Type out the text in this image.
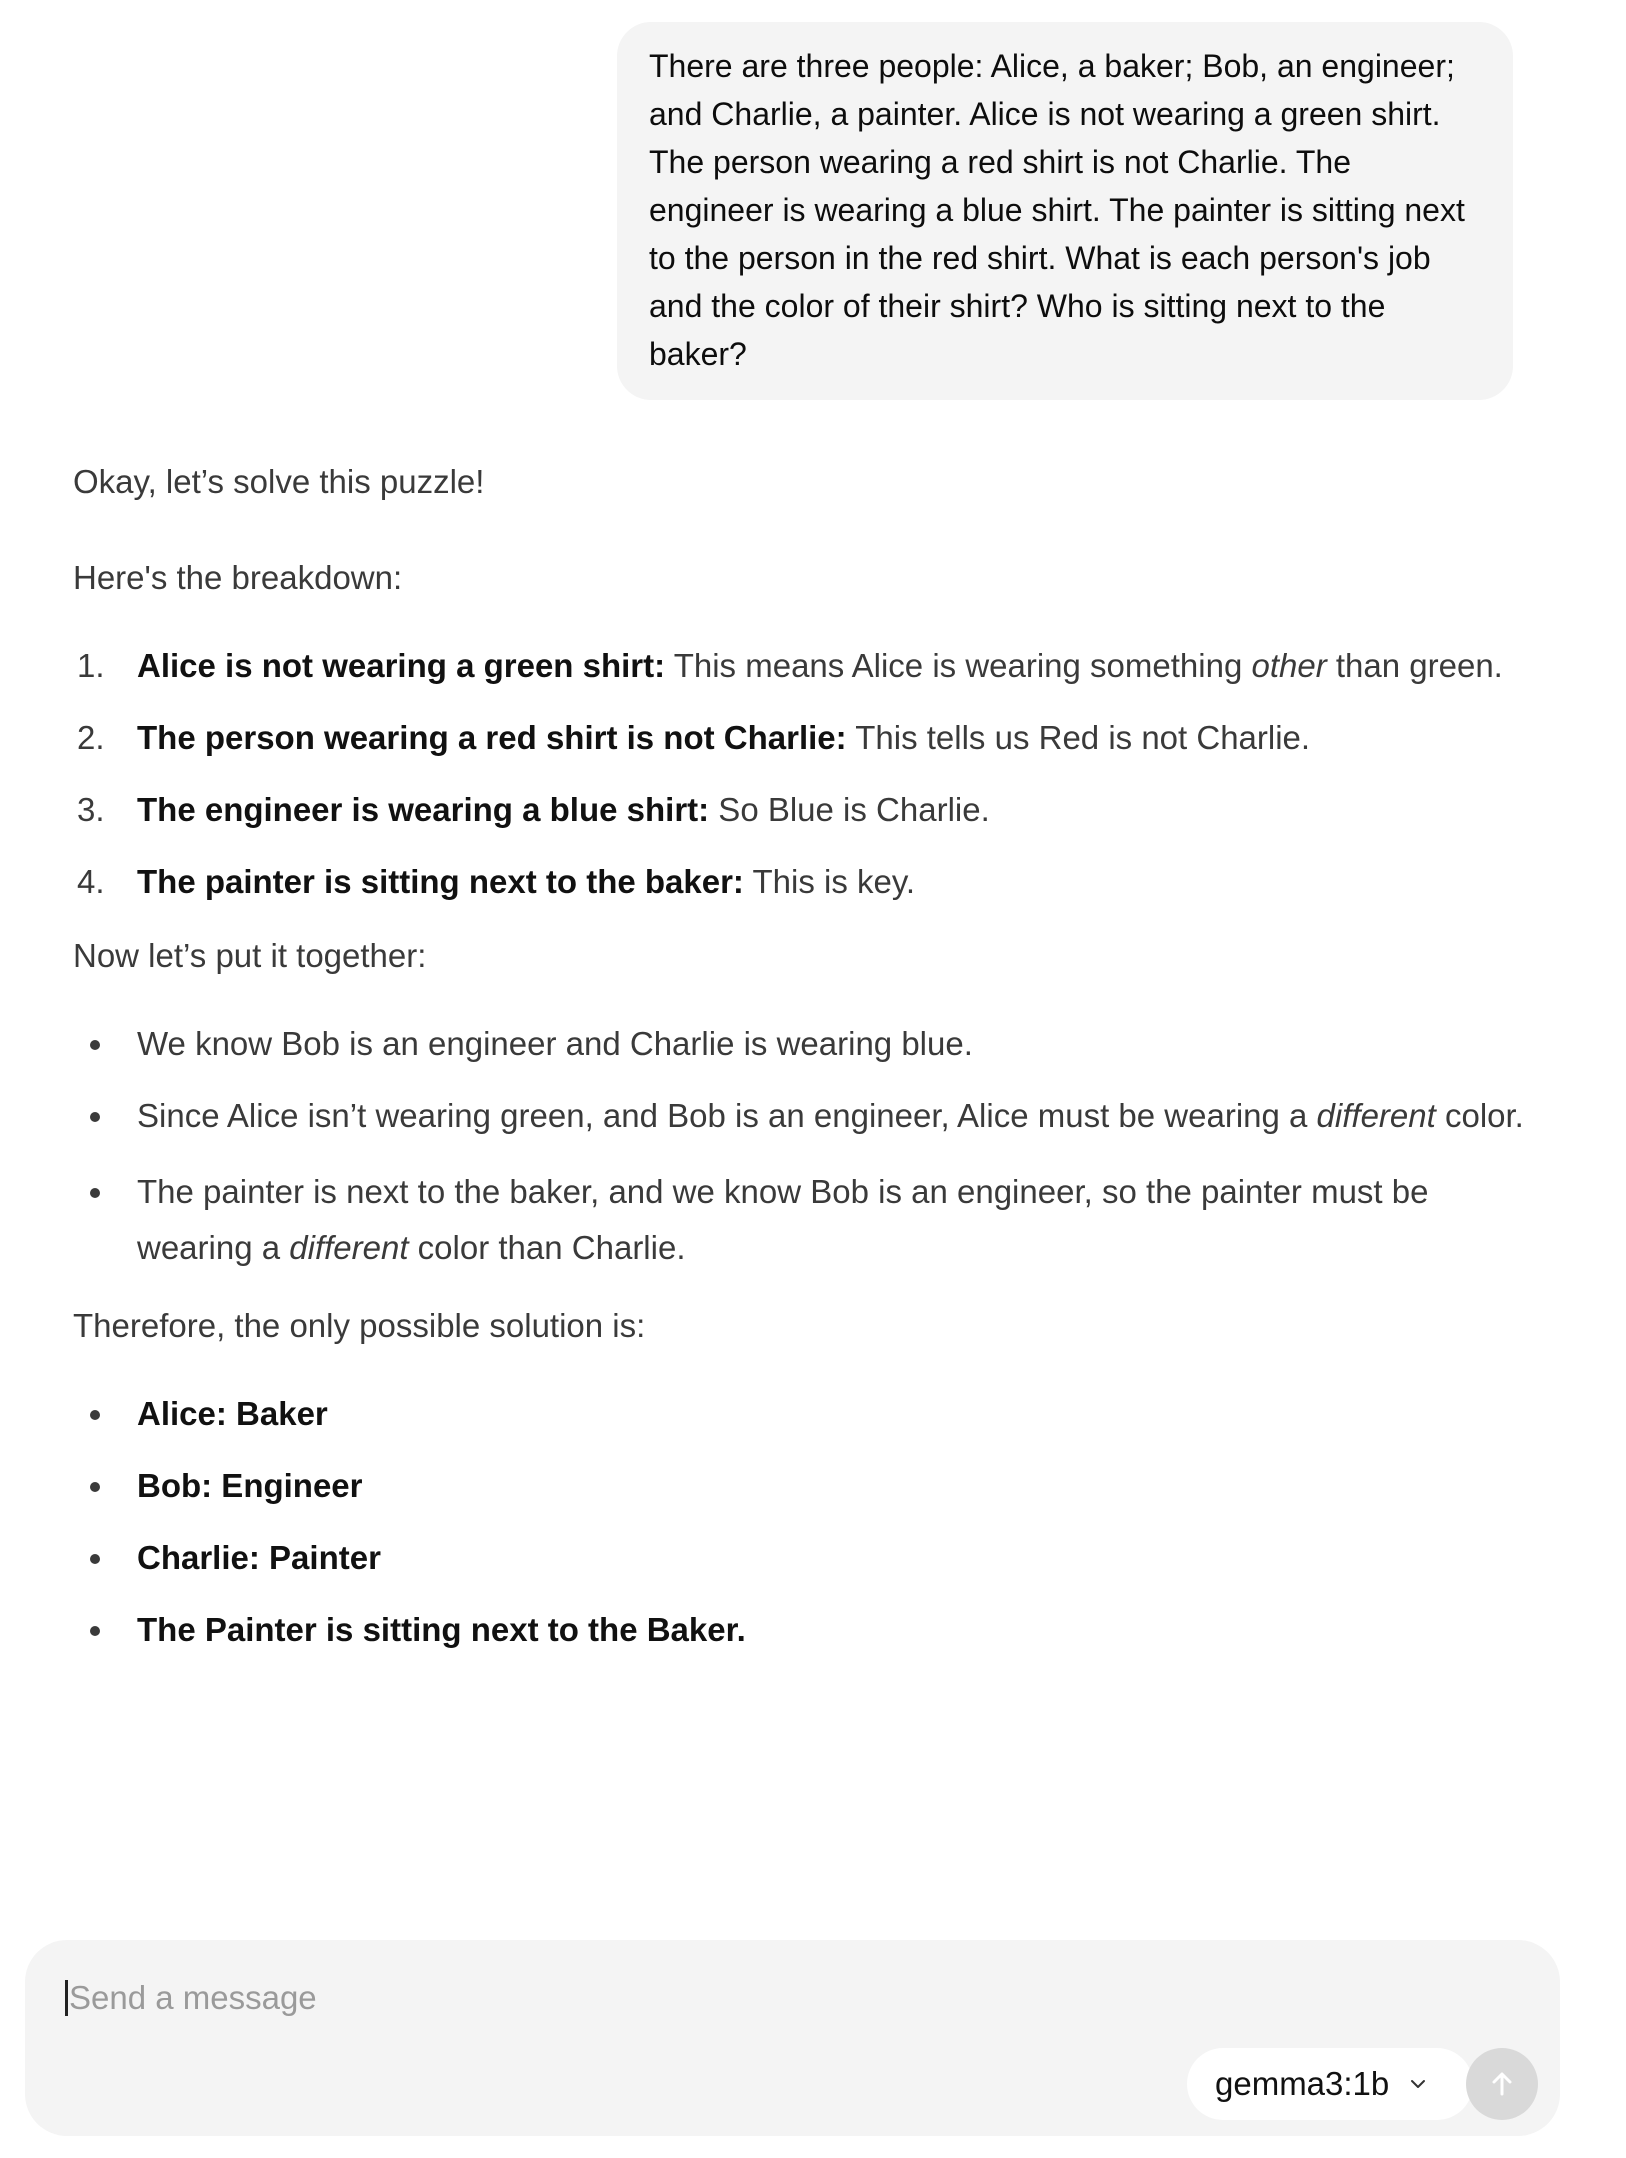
There are three people: Alice, a baker; Bob, an engineer; and Charlie, a painter. Alice is not wearing a green shirt. The person wearing a red shirt is not Charlie. The engineer is wearing a blue shirt. The painter is sitting next to the person in the red shirt. What is each person's job and the color of their shirt? Who is sitting next to the baker?

Okay, let’s solve this puzzle!

Here's the breakdown:

1. Alice is not wearing a green shirt: This means Alice is wearing something other than green.
2. The person wearing a red shirt is not Charlie: This tells us Red is not Charlie.
3. The engineer is wearing a blue shirt: So Blue is Charlie.
4. The painter is sitting next to the baker: This is key.

Now let’s put it together:

We know Bob is an engineer and Charlie is wearing blue.
Since Alice isn’t wearing green, and Bob is an engineer, Alice must be wearing a different color.
The painter is next to the baker, and we know Bob is an engineer, so the painter must be wearing a different color than Charlie.

Therefore, the only possible solution is:

Alice: Baker
Bob: Engineer
Charlie: Painter
The Painter is sitting next to the Baker.
Send a message
gemma3:1b
